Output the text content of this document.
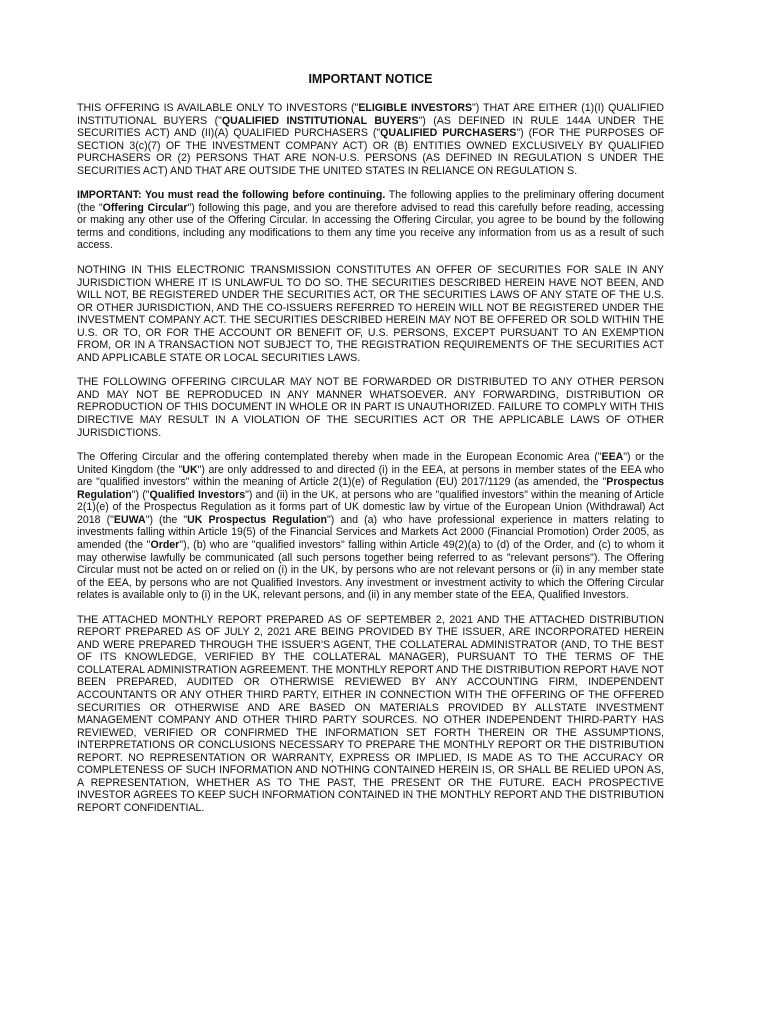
IMPORTANT NOTICE

THIS OFFERING IS AVAILABLE ONLY TO INVESTORS ("ELIGIBLE INVESTORS") THAT ARE EITHER (1)(I) QUALIFIED INSTITUTIONAL BUYERS ("QUALIFIED INSTITUTIONAL BUYERS") (AS DEFINED IN RULE 144A UNDER THE SECURITIES ACT) AND (II)(A) QUALIFIED PURCHASERS ("QUALIFIED PURCHASERS") (FOR THE PURPOSES OF SECTION 3(c)(7) OF THE INVESTMENT COMPANY ACT) OR (B) ENTITIES OWNED EXCLUSIVELY BY QUALIFIED PURCHASERS OR (2) PERSONS THAT ARE NON-U.S. PERSONS (AS DEFINED IN REGULATION S UNDER THE SECURITIES ACT) AND THAT ARE OUTSIDE THE UNITED STATES IN RELIANCE ON REGULATION S.

IMPORTANT: You must read the following before continuing. The following applies to the preliminary offering document (the "Offering Circular") following this page, and you are therefore advised to read this carefully before reading, accessing or making any other use of the Offering Circular. In accessing the Offering Circular, you agree to be bound by the following terms and conditions, including any modifications to them any time you receive any information from us as a result of such access.

NOTHING IN THIS ELECTRONIC TRANSMISSION CONSTITUTES AN OFFER OF SECURITIES FOR SALE IN ANY JURISDICTION WHERE IT IS UNLAWFUL TO DO SO. THE SECURITIES DESCRIBED HEREIN HAVE NOT BEEN, AND WILL NOT, BE REGISTERED UNDER THE SECURITIES ACT, OR THE SECURITIES LAWS OF ANY STATE OF THE U.S. OR OTHER JURISDICTION, AND THE CO-ISSUERS REFERRED TO HEREIN WILL NOT BE REGISTERED UNDER THE INVESTMENT COMPANY ACT. THE SECURITIES DESCRIBED HEREIN MAY NOT BE OFFERED OR SOLD WITHIN THE U.S. OR TO, OR FOR THE ACCOUNT OR BENEFIT OF, U.S. PERSONS, EXCEPT PURSUANT TO AN EXEMPTION FROM, OR IN A TRANSACTION NOT SUBJECT TO, THE REGISTRATION REQUIREMENTS OF THE SECURITIES ACT AND APPLICABLE STATE OR LOCAL SECURITIES LAWS.

THE FOLLOWING OFFERING CIRCULAR MAY NOT BE FORWARDED OR DISTRIBUTED TO ANY OTHER PERSON AND MAY NOT BE REPRODUCED IN ANY MANNER WHATSOEVER. ANY FORWARDING, DISTRIBUTION OR REPRODUCTION OF THIS DOCUMENT IN WHOLE OR IN PART IS UNAUTHORIZED. FAILURE TO COMPLY WITH THIS DIRECTIVE MAY RESULT IN A VIOLATION OF THE SECURITIES ACT OR THE APPLICABLE LAWS OF OTHER JURISDICTIONS.

The Offering Circular and the offering contemplated thereby when made in the European Economic Area ("EEA") or the United Kingdom (the "UK") are only addressed to and directed (i) in the EEA, at persons in member states of the EEA who are "qualified investors" within the meaning of Article 2(1)(e) of Regulation (EU) 2017/1129 (as amended, the "Prospectus Regulation") ("Qualified Investors") and (ii) in the UK, at persons who are "qualified investors" within the meaning of Article 2(1)(e) of the Prospectus Regulation as it forms part of UK domestic law by virtue of the European Union (Withdrawal) Act 2018 ("EUWA") (the "UK Prospectus Regulation") and (a) who have professional experience in matters relating to investments falling within Article 19(5) of the Financial Services and Markets Act 2000 (Financial Promotion) Order 2005, as amended (the "Order"), (b) who are "qualified investors" falling within Article 49(2)(a) to (d) of the Order, and (c) to whom it may otherwise lawfully be communicated (all such persons together being referred to as "relevant persons"). The Offering Circular must not be acted on or relied on (i) in the UK, by persons who are not relevant persons or (ii) in any member state of the EEA, by persons who are not Qualified Investors. Any investment or investment activity to which the Offering Circular relates is available only to (i) in the UK, relevant persons, and (ii) in any member state of the EEA, Qualified Investors.

THE ATTACHED MONTHLY REPORT PREPARED AS OF SEPTEMBER 2, 2021 AND THE ATTACHED DISTRIBUTION REPORT PREPARED AS OF JULY 2, 2021 ARE BEING PROVIDED BY THE ISSUER, ARE INCORPORATED HEREIN AND WERE PREPARED THROUGH THE ISSUER'S AGENT, THE COLLATERAL ADMINISTRATOR (AND, TO THE BEST OF ITS KNOWLEDGE, VERIFIED BY THE COLLATERAL MANAGER), PURSUANT TO THE TERMS OF THE COLLATERAL ADMINISTRATION AGREEMENT. THE MONTHLY REPORT AND THE DISTRIBUTION REPORT HAVE NOT BEEN PREPARED, AUDITED OR OTHERWISE REVIEWED BY ANY ACCOUNTING FIRM, INDEPENDENT ACCOUNTANTS OR ANY OTHER THIRD PARTY, EITHER IN CONNECTION WITH THE OFFERING OF THE OFFERED SECURITIES OR OTHERWISE AND ARE BASED ON MATERIALS PROVIDED BY ALLSTATE INVESTMENT MANAGEMENT COMPANY AND OTHER THIRD PARTY SOURCES. NO OTHER INDEPENDENT THIRD-PARTY HAS REVIEWED, VERIFIED OR CONFIRMED THE INFORMATION SET FORTH THEREIN OR THE ASSUMPTIONS, INTERPRETATIONS OR CONCLUSIONS NECESSARY TO PREPARE THE MONTHLY REPORT OR THE DISTRIBUTION REPORT. NO REPRESENTATION OR WARRANTY, EXPRESS OR IMPLIED, IS MADE AS TO THE ACCURACY OR COMPLETENESS OF SUCH INFORMATION AND NOTHING CONTAINED HEREIN IS, OR SHALL BE RELIED UPON AS, A REPRESENTATION, WHETHER AS TO THE PAST, THE PRESENT OR THE FUTURE. EACH PROSPECTIVE INVESTOR AGREES TO KEEP SUCH INFORMATION CONTAINED IN THE MONTHLY REPORT AND THE DISTRIBUTION REPORT CONFIDENTIAL.
